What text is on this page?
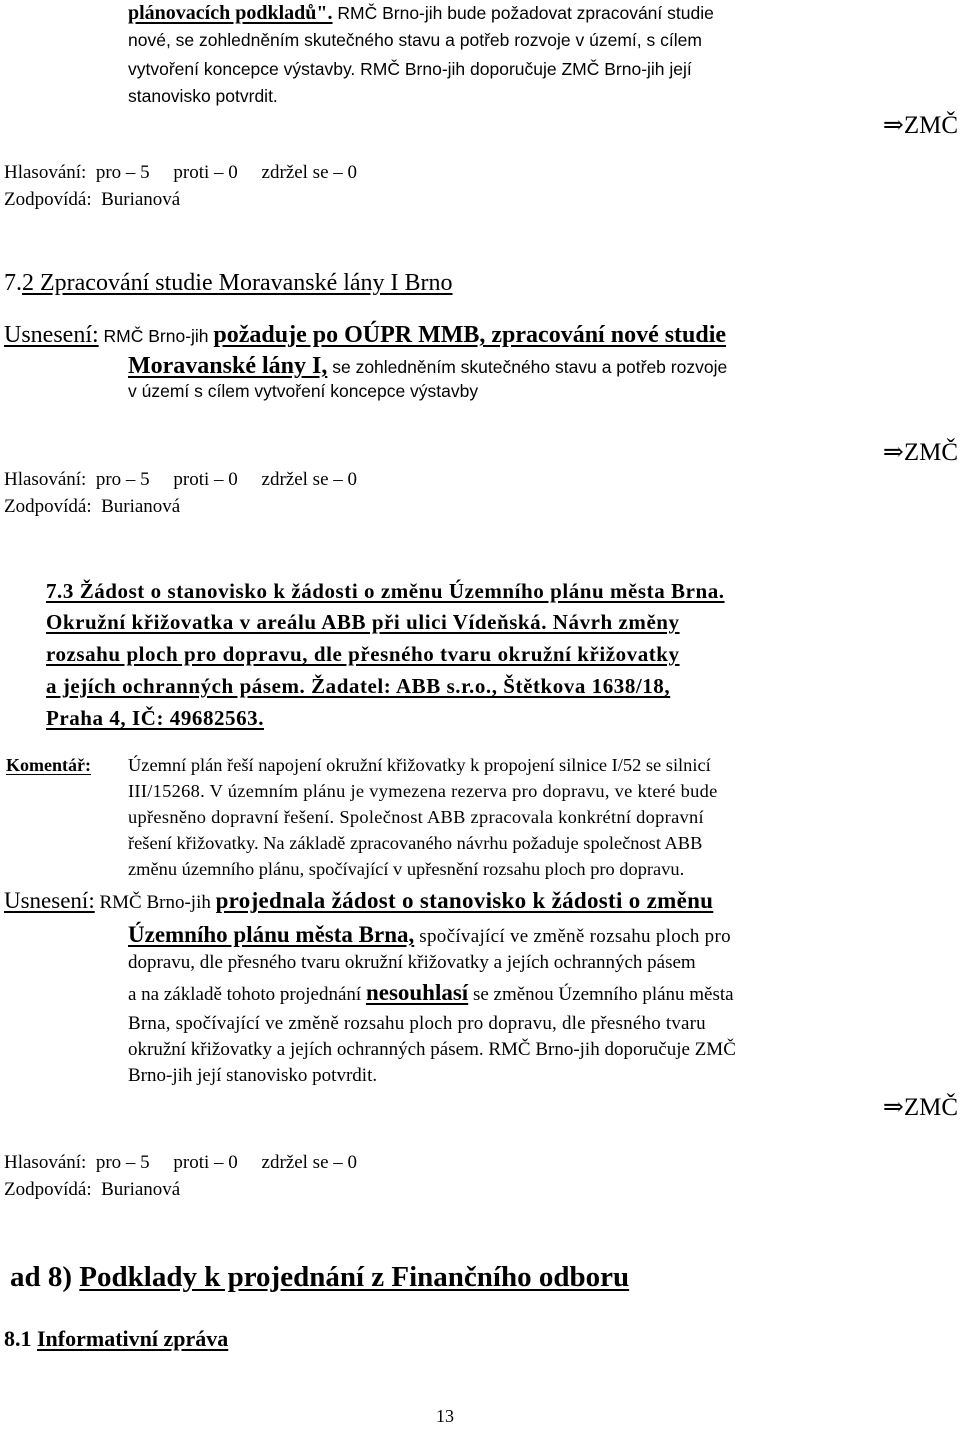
plánovacích podkladů". RMČ Brno-jih bude požadovat zpracování studie
nové, se zohledněním skutečného stavu a potřeb rozvoje v území, s cílem
vytvoření koncepce výstavby. RMČ Brno-jih doporučuje ZMČ Brno-jih její
stanovisko potvrdit.
⇒ZMČ
Hlasování:  pro – 5     proti – 0     zdržel se – 0
Zodpovídá:  Burianová
7.2 Zpracování studie Moravanské lány I Brno
Usnesení: RMČ Brno-jih požaduje po OÚPR MMB, zpracování nové studie
Moravanské lány I, se zohledněním skutečného stavu a potřeb rozvoje
v území s cílem vytvoření koncepce výstavby
⇒ZMČ
Hlasování:  pro – 5     proti – 0     zdržel se – 0
Zodpovídá:  Burianová
7.3 Žádost o stanovisko k žádosti o změnu Územního plánu města Brna.
Okružní křižovatka v areálu ABB při ulici Vídeňská. Návrh změny
rozsahu ploch pro dopravu, dle přesného tvaru okružní křižovatky
a jejích ochranných pásem. Žadatel: ABB s.r.o., Štětkova 1638/18,
Praha 4, IČ: 49682563.
Komentář: Územní plán řeší napojení okružní křižovatky k propojení silnice I/52 se silnicí
III/15268. V územním plánu je vymezena rezerva pro dopravu, ve které bude
upřesněno dopravní řešení. Společnost ABB zpracovala konkrétní dopravní
řešení křižovatky. Na základě zpracovaného návrhu požaduje společnost ABB
změnu územního plánu, spočívající v upřesnění rozsahu ploch pro dopravu.
Usnesení: RMČ Brno-jih projednala žádost o stanovisko k žádosti o změnu
Územního plánu města Brna, spočívající ve změně rozsahu ploch pro
dopravu, dle přesného tvaru okružní křižovatky a jejích ochranných pásem
a na základě tohoto projednání nesouhlasí se změnou Územního plánu města
Brna, spočívající ve změně rozsahu ploch pro dopravu, dle přesného tvaru
okružní křižovatky a jejích ochranných pásem. RMČ Brno-jih doporučuje ZMČ
Brno-jih její stanovisko potvrdit.
⇒ZMČ
Hlasování:  pro – 5     proti – 0     zdržel se – 0
Zodpovídá:  Burianová
ad 8) Podklady k projednání z Finančního odboru
8.1 Informativní zpráva
13
